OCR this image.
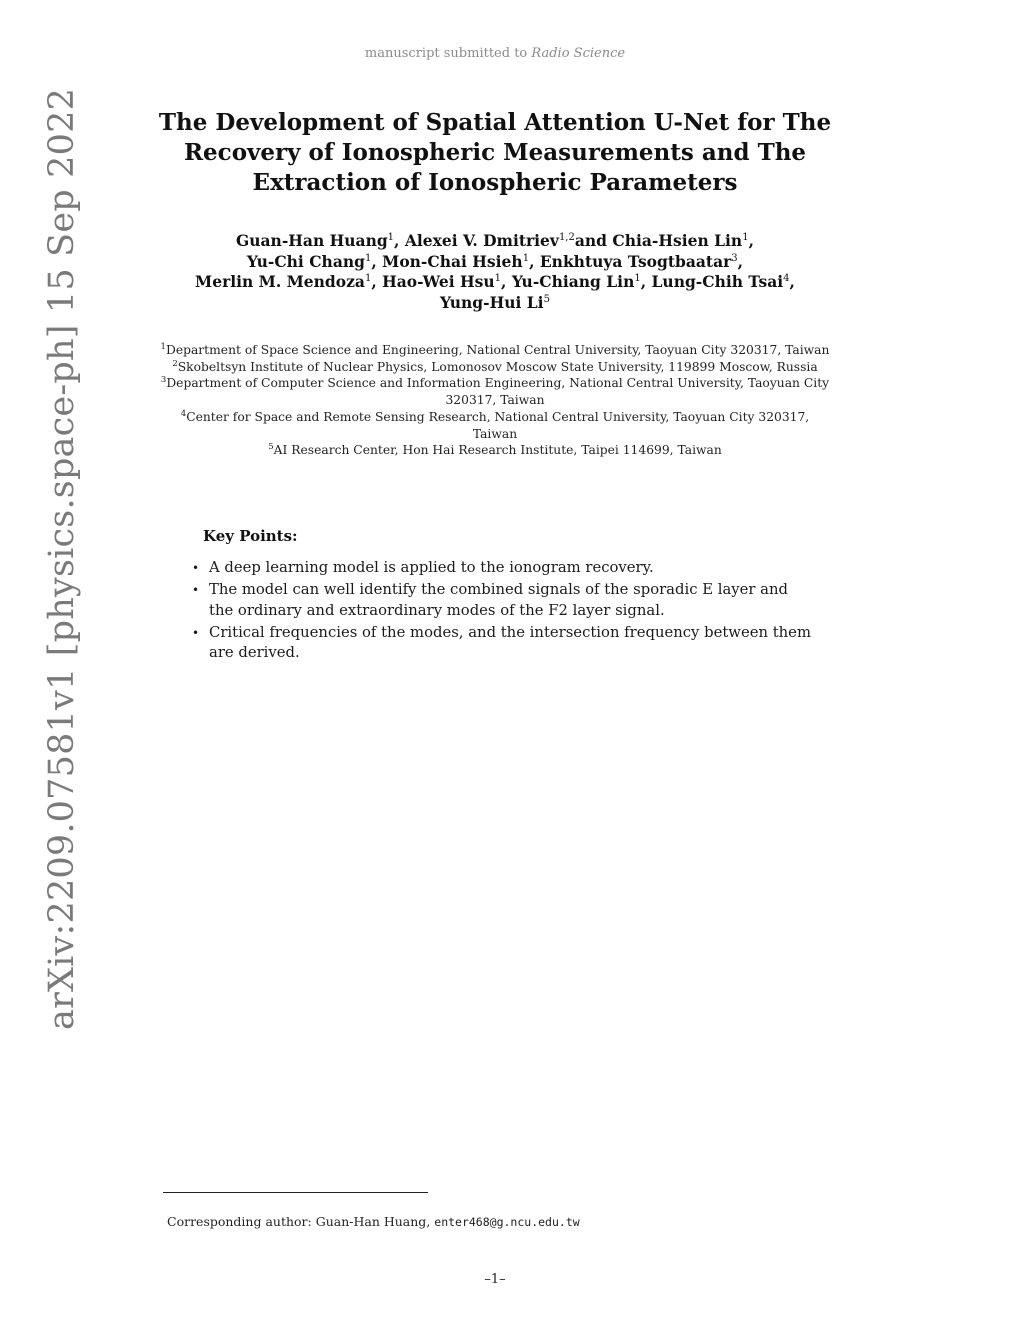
manuscript submitted to Radio Science
arXiv:2209.07581v1 [physics.space-ph] 15 Sep 2022	The Development of Spatial Attention U-Net for The
Recovery of Ionospheric Measurements and The
Extraction of Ionospheric Parameters
Guan-Han Huang$^1$, Alexei V. Dmitriev$^{1,2}$and Chia-Hsien Lin$^1$,
Yu-Chi Chang$^1$, Mon-Chai Hsieh$^1$, Enkhtuya Tsogtbaatar$^3$,
Merlin M. Mendoza$^1$, Hao-Wei Hsu$^1$, Yu-Chiang Lin$^1$, Lung-Chih Tsai$^4$,
Yung-Hui Li$^5$
$^1$Department of Space Science and Engineering, National Central University, Taoyuan City 320317, Taiwan
$^2$Skobeltsyn Institute of Nuclear Physics, Lomonosov Moscow State University, 119899 Moscow, Russia
$^3$Department of Computer Science and Information Engineering, National Central University, Taoyuan City 320317, Taiwan
$^4$Center for Space and Remote Sensing Research, National Central University, Taoyuan City 320317, Taiwan
$^5$AI Research Center, Hon Hai Research Institute, Taipei 114699, Taiwan
Key Points:
• A deep learning model is applied to the ionogram recovery.
• The model can well identify the combined signals of the sporadic E layer and the ordinary and extraordinary modes of the F2 layer signal.
• Critical frequencies of the modes, and the intersection frequency between them are derived.
Corresponding author: Guan-Han Huang, enter468@g.ncu.edu.tw
–1–
